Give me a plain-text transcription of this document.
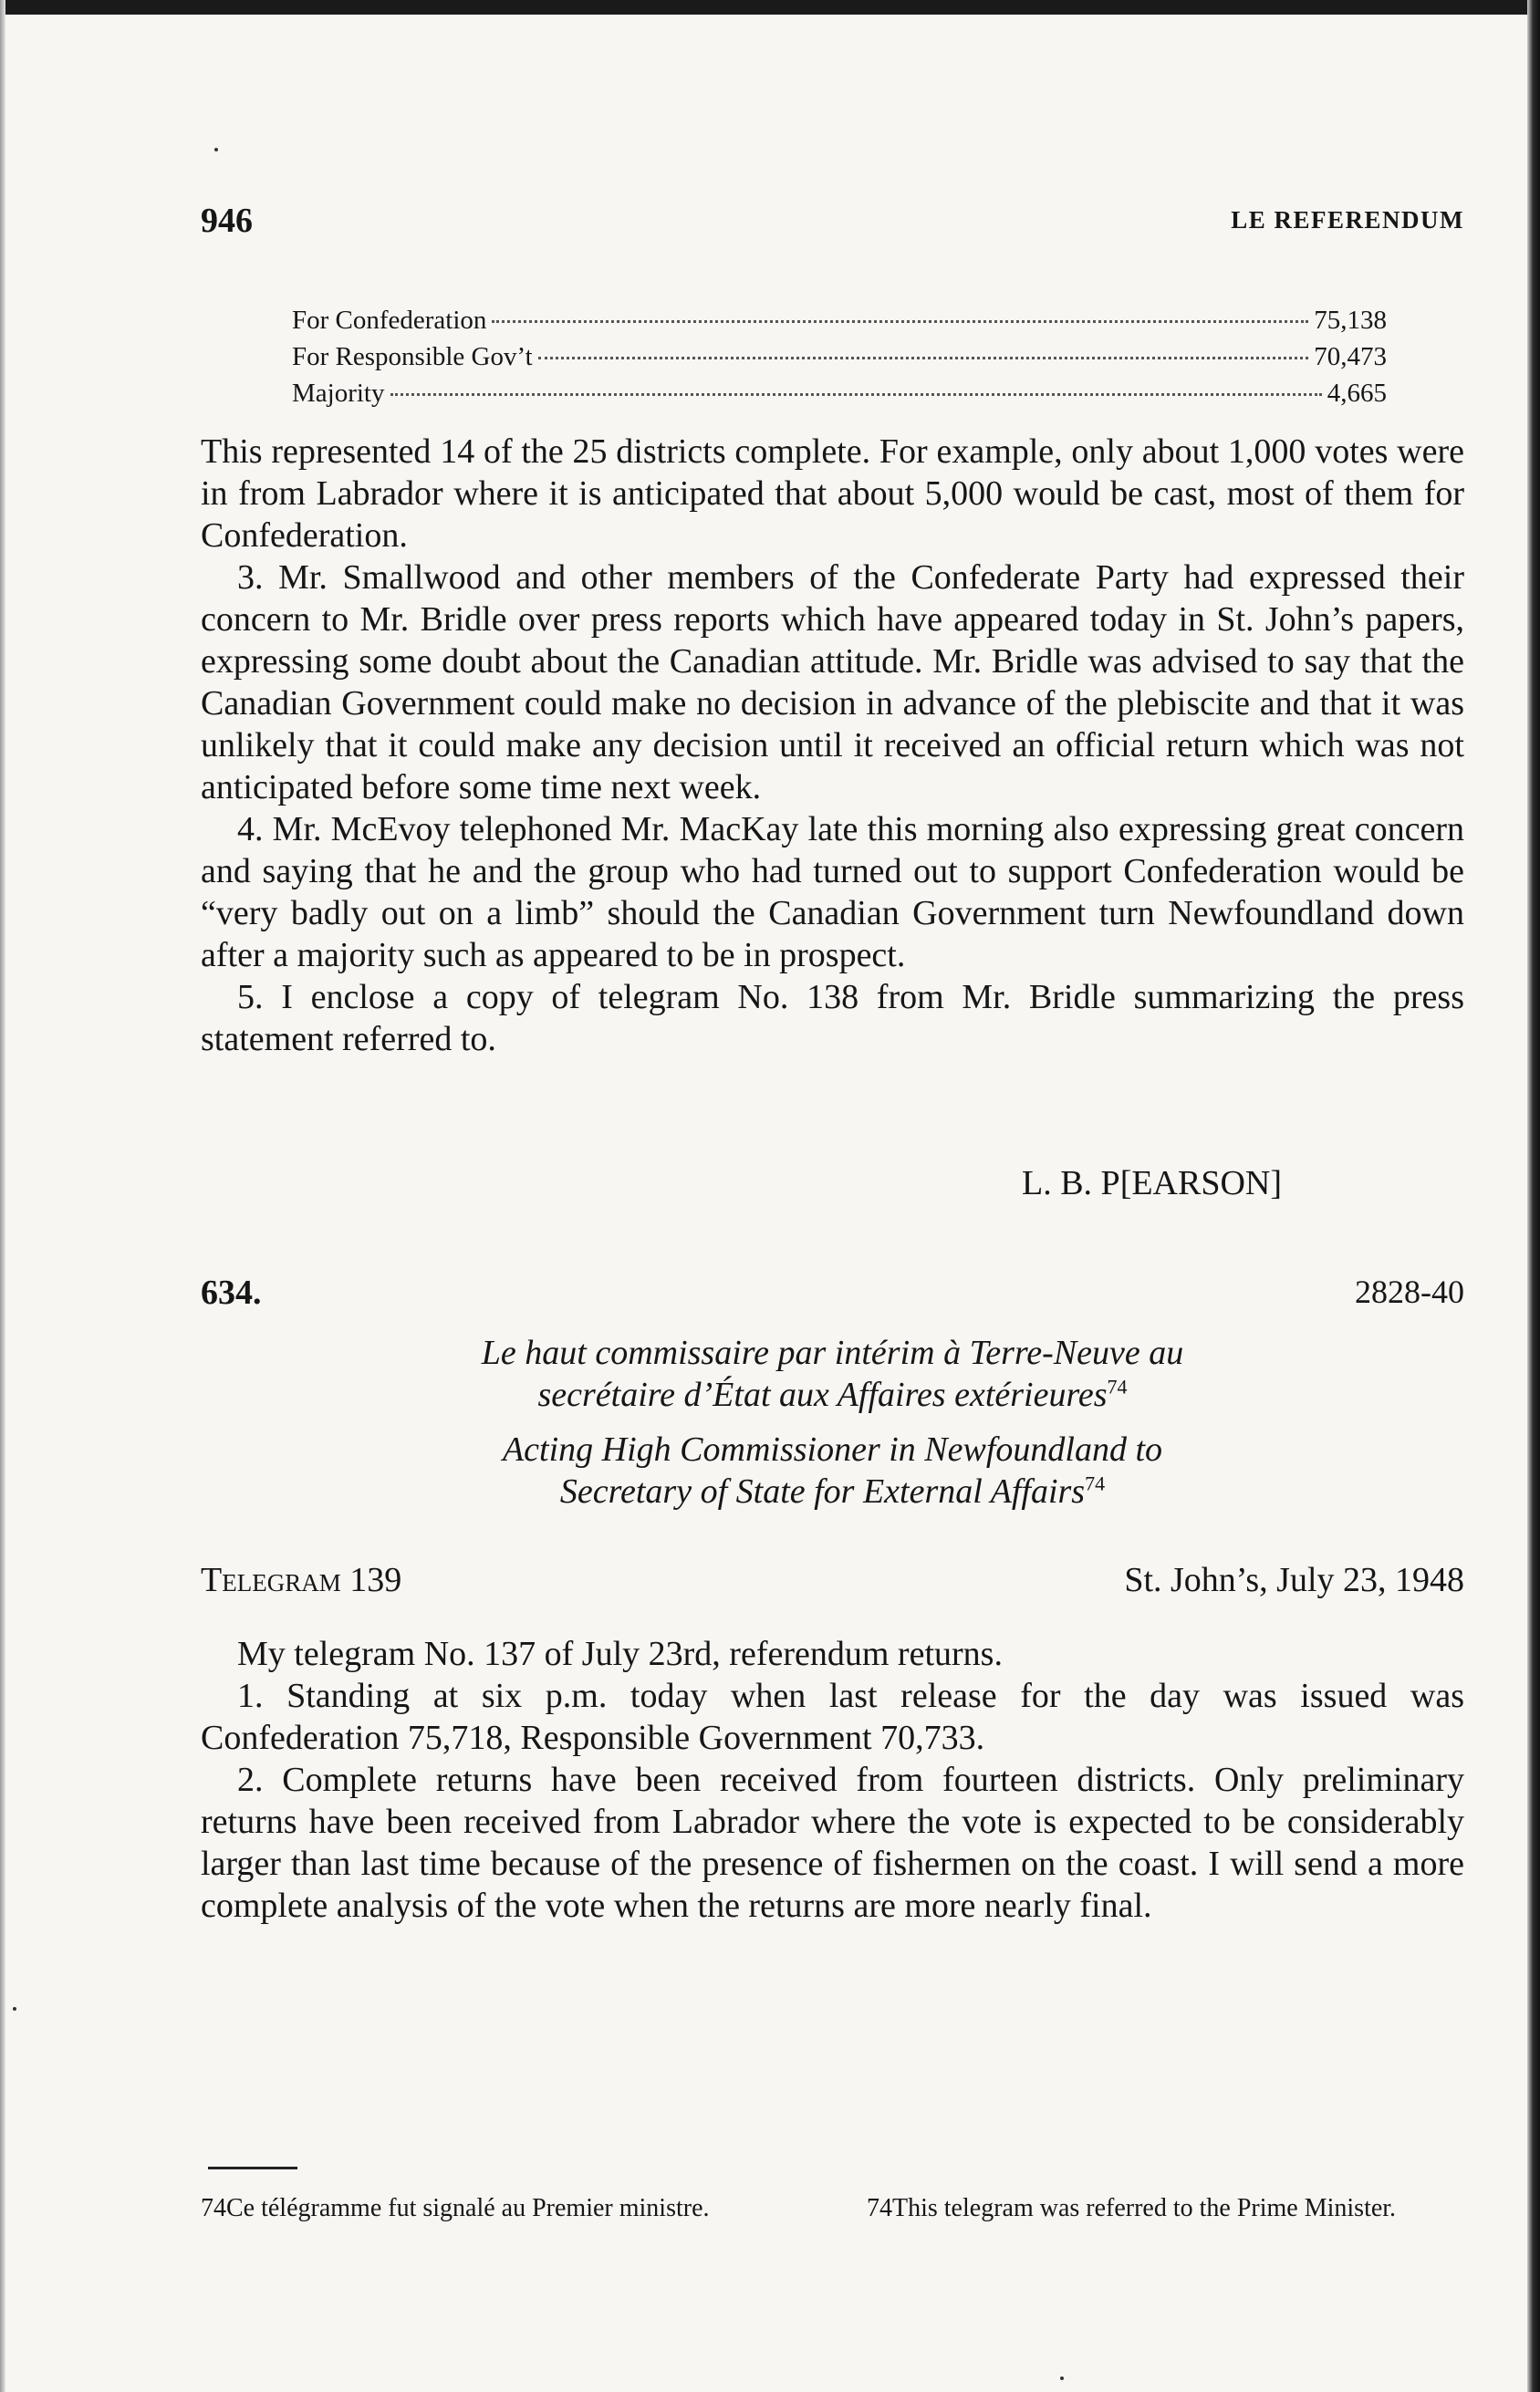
946	LE REFERENDUM
For Confederation	75,138
For Responsible Gov’t	70,473
Majority	4,665

This represented 14 of the 25 districts complete. For example, only about 1,000 votes were in from Labrador where it is anticipated that about 5,000 would be cast, most of them for Confederation.

3. Mr. Smallwood and other members of the Confederate Party had expressed their concern to Mr. Bridle over press reports which have appeared today in St. John’s papers, expressing some doubt about the Canadian attitude. Mr. Bridle was advised to say that the Canadian Government could make no decision in advance of the plebiscite and that it was unlikely that it could make any decision until it received an official return which was not anticipated before some time next week.

4. Mr. McEvoy telephoned Mr. MacKay late this morning also expressing great concern and saying that he and the group who had turned out to support Confederation would be “very badly out on a limb” should the Canadian Government turn Newfoundland down after a majority such as appeared to be in prospect.

5. I enclose a copy of telegram No. 138 from Mr. Bridle summarizing the press statement referred to.

L. B. P[EARSON]
634.	2828-40
Le haut commissaire par intérim à Terre-Neuve au
secrétaire d’État aux Affaires extérieures$^{74}$
Acting High Commissioner in Newfoundland to
Secretary of State for External Affairs$^{74}$
Telegram 139	St. John’s, July 23, 1948

My telegram No. 137 of July 23rd, referendum returns.

1. Standing at six p.m. today when last release for the day was issued was Confederation 75,718, Responsible Government 70,733.

2. Complete returns have been received from fourteen districts. Only preliminary returns have been received from Labrador where the vote is expected to be considerably larger than last time because of the presence of fishermen on the coast. I will send a more complete analysis of the vote when the returns are more nearly final.

74Ce télégramme fut signalé au Premier ministre.	74This telegram was referred to the Prime Minister.
